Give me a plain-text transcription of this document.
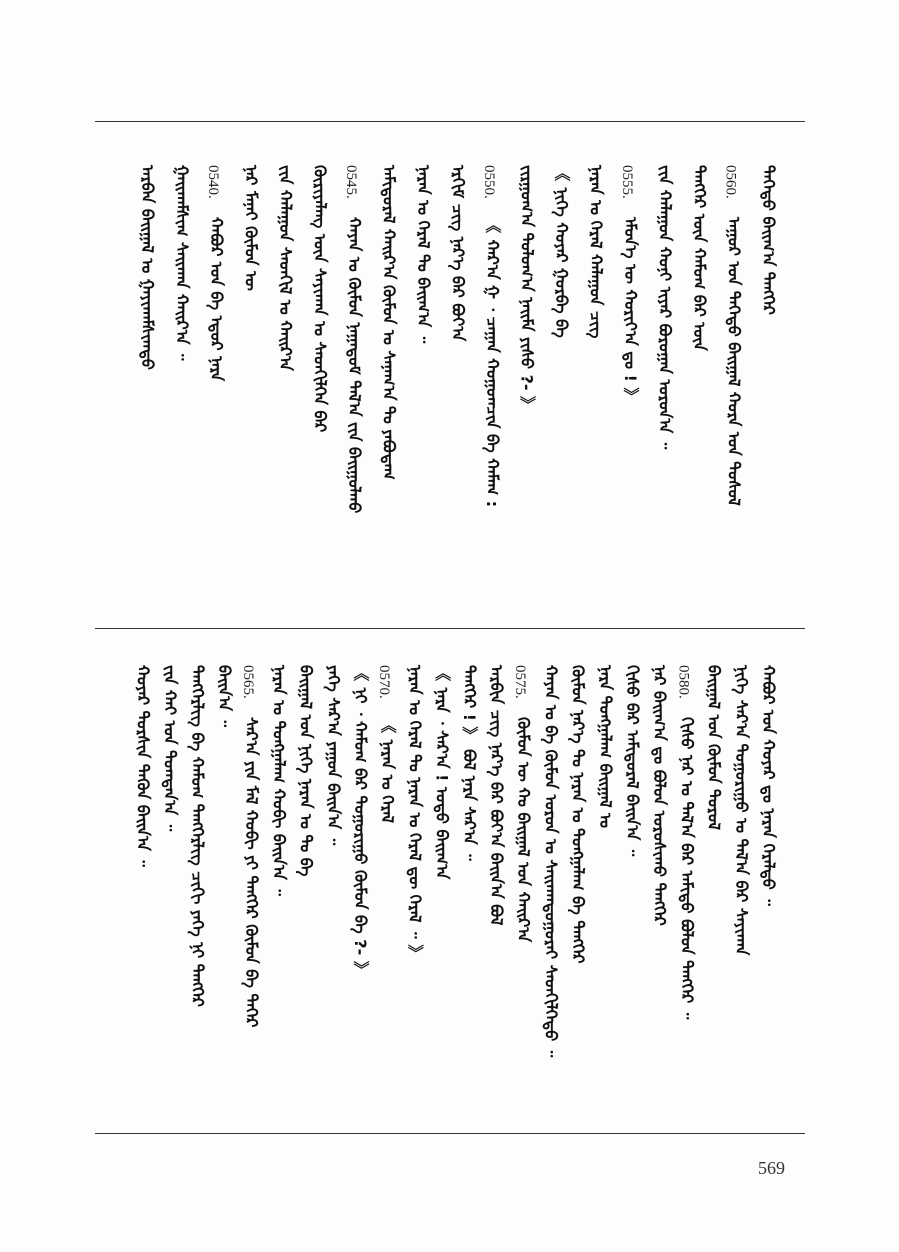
ᠳᠡᠭᠡᠳᠦ ᠪᠠᠢᠭ᠎ᠠ ᠲᠡᠩᠭᠡᠷ
ᠠᠭᠤᠷ ᠤᠨ ᠲᠡᠭᠡᠳᠦ ᠪᠠᠢᠭᠠᠯ ᠬᠤᠷᠠ ᠤᠨ ᠳᠤᠰᠤᠯ
0560.
ᠲᠡᠩᠭᠡᠷ ᠦᠨ ᠬᠠᠮᠤᠭ ᠪᠠᠷ ᠦᠨ
ᠵᠢᠨ ᠬᠠᠯᠠᠭᠤᠨ ᠬᠤᠨᠢ ᠢᠶᠠᠷ ᠪᠤᠷᠤᠭᠠᠨ ᠣᠷᠤᠨ᠎ᠠ ᠃
ᠡᠮᠦᠨ᠎ᠡ ᠦ ᠬᠣᠷᠢᠶ᠎ᠠ ᠳᠤ ! 》
0555.
ᠨᠠᠷᠠᠨ ᠤ ᠭᠡᠷᠡᠯ ᠬᠠᠯᠠᠭᠤᠨ ᠴᠢᠭ
《 ᠨᠢᠭᠡ ᠬᠣᠶᠠᠷ ᠭᠤᠷᠪᠠ ᠪᠠ
ᠵᠢᠷᠭᠤᠭ᠎ᠠ ᠳᠣᠯᠤᠭ᠎ᠠ ᠨᠠᠢᠮᠠ ᠶᠢᠰᠦ ?- 》
《 ᠬᠠᠷ᠎ᠠ ᠭ ᠂ ᠴᠠᠭᠠᠨ ᠬᠤᠭᠤᠭᠴᠢᠨ ᠪᠠ ᠬᠠᠮᠠᠭ :
0550.
ᠡᠷᠬᠢᠮ ᠴᠢᠭ ᠨᠡᠷ᠎ᠡ ᠪᠠᠷ ᠪᠤᠶ᠎ᠠ
ᠨᠠᠷᠠᠨ ᠤ ᠭᠡᠷᠡᠯ ᠲᠤ ᠪᠠᠢᠭ᠎ᠠ ᠃
ᠠᠮᠢᠳᠤᠷᠠᠯ ᠬᠠᠢᠷ᠎ᠠ ᠬᠦᠮᠦᠨ ᠤ ᠰᠠᠨᠠᠭ᠎ᠠ ᠲᠤ ᠶᠠᠪᠤᠳᠠᠭ
ᠬᠠᠶᠠᠨ ᠤ ᠬᠦᠮᠦᠨ ᠨᠠᠭᠠᠳᠤᠮ ᠲᠠᠯ᠎ᠠ ᠵᠢᠨ ᠪᠠᠢᠭᠤᠯᠬᠤ
0545.
ᠬᠦᠷᠢᠶᠡᠯᠡᠩ ᠦᠨ ᠰᠠᠶᠢᠬᠠᠨ ᠤ ᠰᠡᠳᠬᠢᠯᠭᠡᠨ ᠪᠡᠷ
ᠵᠢᠨ ᠬᠠᠯᠠᠭᠤᠨ ᠰᠡᠳᠬᠢᠯ ᠤ ᠬᠠᠢᠷ᠎ᠠ
ᠨᠠᠷ ᠮᠠᠨᠠᠢ ᠬᠦᠮᠦᠨ ᠦ
ᠬᠠᠪᠤᠷ ᠤᠨ ᠪᠠ ᠡᠳᠦᠷ ᠨᠠᠷᠠ
0540.
ᠭᠠᠢᠬᠠᠮᠰᠢᠭ ᠰᠠᠢᠬᠠᠨ ᠬᠠᠢᠷ᠎ᠠ ᠃
ᠠᠷᠪᠠᠨ ᠪᠠᠢᠭᠠᠯ ᠤ ᠭᠠᠶᠢᠬᠠᠮᠰᠢᠭᠲᠤ
ᠬᠠᠪᠤᠷ ᠤᠨ ᠬᠤᠶᠠᠷ ᠳᠤ ᠨᠠᠷᠠᠨ ᠭᠡᠷᠡᠯᠲᠦ ᠃
ᠨᠢᠭᠡ ᠰᠠᠷ᠎ᠠ ᠲᠣᠭᠤᠷᠢᠭᠤ ᠤ ᠲᠠᠯ᠎ᠠ ᠪᠠᠷ ᠰᠠᠶᠢᠬᠠᠨ
ᠪᠠᠢᠭᠠᠯ ᠤᠨ ᠬᠦᠮᠦᠨ ᠲᠣᠷᠤᠯ
ᠬᠢᠰᠤ ᠨᠠᠷ ᠤ ᠲᠠᠯ᠎ᠠ ᠪᠡᠷ ᠠᠮᠢᠳᠤ ᠪᠤᠯᠤᠨ ᠲᠡᠩᠭᠡᠷ ᠃
0580.
ᠨᠠᠷ ᠪᠠᠢᠭ᠎ᠠ ᠳᠤ ᠪᠣᠯᠤᠨ ᠣᠷᠤᠰᠢᠬᠤ ᠲᠡᠩᠭᠡᠷ
ᠬᠢᠰᠤ ᠪᠠᠷ ᠠᠮᠢᠳᠤᠷᠠᠯ ᠪᠠᠢᠨ᠎ᠠ ᠃
ᠨᠠᠷᠠ ᠲᠤᠩᠭᠠᠯᠠᠭ ᠪᠠᠢᠭᠠᠯ ᠤ
ᠬᠦᠮᠦᠨ ᠨᠡᠷ᠎ᠡ ᠲᠤ ᠨᠠᠷᠠᠨ ᠤ ᠲᠤᠩᠭᠠᠯᠠᠭ ᠪᠠ ᠲᠡᠩᠭᠡᠷ
ᠬᠠᠶᠠᠨ ᠤ ᠪᠠ ᠬᠦᠮᠦᠨ ᠤᠷᠤᠨ ᠤ ᠰᠠᠢᠬᠠᠨᠳᠤᠭᠤᠷᠠᠢ ᠰᠡᠳᠬᠢᠯᠭᠡᠲᠦ ᠃
ᠬᠦᠮᠦᠨ ᠦ ᠬᠤ ᠪᠠᠢᠭᠠᠯ ᠤᠨ ᠬᠠᠢᠷ᠎ᠠ
0575.
ᠠᠷᠪᠢᠨ ᠴᠢᠭ ᠨᠡᠷ᠎ᠡ ᠪᠠᠷ ᠪᠤᠶ᠎ᠠ ᠪᠠᠢᠨ᠎ᠠ ᠪᠣᠯ
ᠲᠡᠩᠭᠡᠷ ! 》 ᠪᠣᠯ ᠨᠠᠷᠠ ᠰᠠᠷ᠎ᠠ ᠃
《 ᠨᠠᠷᠠ ᠂ ᠰᠠᠷ᠎ᠠ ! ᠣᠳᠤ ᠪᠠᠢᠭ᠎ᠠ
ᠨᠠᠷᠠᠨ ᠤ ᠭᠡᠷᠡᠯ ᠲᠤ ᠨᠠᠷᠠᠨ ᠤ ᠭᠡᠷᠡᠯ ᠳᠦ ᠭᠡᠷᠡᠯ ᠃ 》
《 ᠨᠠᠷᠠᠨ ᠤ ᠭᠡᠷᠡᠯ
0570.
《 ᠨᠢ ᠂ ᠬᠠᠮᠤᠭ ᠪᠡᠷ ᠲᠣᠭᠤᠷᠢᠭᠤ ᠬᠦᠮᠦᠨ ᠪᠠ ?- 》
ᠶᠡᠬᠡ ᠰᠠᠷ᠎ᠠ ᠶᠠᠭᠤᠨ ᠪᠠᠢᠨ᠎ᠠ ᠃
ᠪᠠᠢᠭᠠᠯ ᠤᠨ ᠨᠢᠭᠡ ᠨᠠᠷᠠᠨ ᠤ ᠲᠤ ᠪᠠ
ᠨᠠᠷᠠᠨ ᠤ ᠲᠤᠩᠭᠠᠯᠠᠭ ᠬᠤᠪᠢ ᠪᠠᠢᠨ᠎ᠠ ᠃
ᠰᠠᠷ᠎ᠠ ᠶᠢᠨ ᠮᠠᠯ ᠬᠤᠪᠢ ᠶᠢ ᠲᠡᠩᠭᠡᠷ ᠬᠦᠮᠦᠨ ᠪᠠ ᠲᠡᠭᠡᠷ
0565.
ᠪᠠᠢᠨ᠎ᠠ ᠃
ᠲᠡᠩᠭᠡᠷᠯᠢᠭ ᠪᠠ ᠬᠠᠮᠤᠭ ᠲᠡᠩᠭᠡᠷᠯᠢᠭ ᠴᠢᠬᠢ ᠶᠡᠬᠡ ᠨᠢ ᠲᠡᠩᠭᠡᠷ
ᠵᠢᠨ ᠬᠠᠢ ᠤᠨ ᠲᠣᠭᠲᠠᠨ᠎ᠠ ᠃
ᠬᠤᠶᠠᠷ ᠲᠤᠷᠰᠢᠨ ᠲᠡᠭᠦᠨ ᠪᠠᠢᠨ᠎ᠠ ᠃
569
